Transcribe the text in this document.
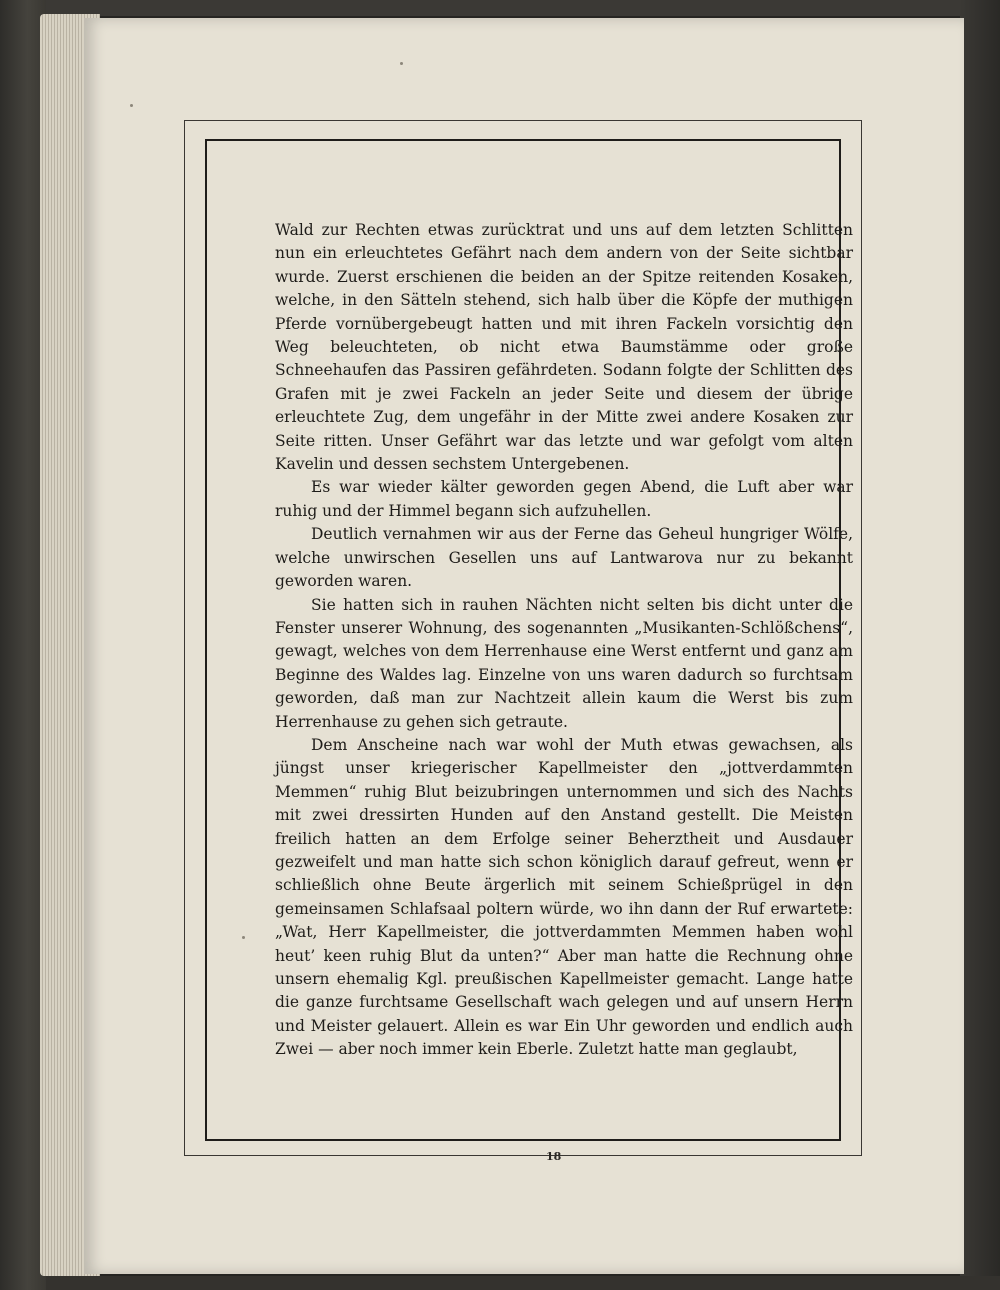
Wald zur Rechten etwas zurücktrat und uns auf dem letzten Schlitten nun ein erleuchtetes Gefährt nach dem andern von der Seite sichtbar wurde. Zuerst erschienen die beiden an der Spitze reitenden Kosaken, welche, in den Sätteln stehend, sich halb über die Köpfe der muthigen Pferde vornübergebeugt hatten und mit ihren Fackeln vorsichtig den Weg beleuchteten, ob nicht etwa Baumstämme oder große Schneehaufen das Passiren gefährdeten. Sodann folgte der Schlitten des Grafen mit je zwei Fackeln an jeder Seite und diesem der übrige erleuchtete Zug, dem ungefähr in der Mitte zwei andere Kosaken zur Seite ritten. Unser Gefährt war das letzte und war gefolgt vom alten Kavelin und dessen sechstem Untergebenen.

Es war wieder kälter geworden gegen Abend, die Luft aber war ruhig und der Himmel begann sich aufzuhellen.

Deutlich vernahmen wir aus der Ferne das Geheul hungriger Wölfe, welche unwirschen Gesellen uns auf Lantwarova nur zu bekannt geworden waren.

Sie hatten sich in rauhen Nächten nicht selten bis dicht unter die Fenster unserer Wohnung, des sogenannten „Musikanten-Schlößchens“, gewagt, welches von dem Herrenhause eine Werst entfernt und ganz am Beginne des Waldes lag. Einzelne von uns waren dadurch so furchtsam geworden, daß man zur Nachtzeit allein kaum die Werst bis zum Herrenhause zu gehen sich getraute.

Dem Anscheine nach war wohl der Muth etwas gewachsen, als jüngst unser kriegerischer Kapellmeister den „jottverdammten Memmen“ ruhig Blut beizubringen unternommen und sich des Nachts mit zwei dressirten Hunden auf den Anstand gestellt. Die Meisten freilich hatten an dem Erfolge seiner Beherztheit und Ausdauer gezweifelt und man hatte sich schon königlich darauf gefreut, wenn er schließlich ohne Beute ärgerlich mit seinem Schießprügel in den gemeinsamen Schlafsaal poltern würde, wo ihn dann der Ruf erwartete: „Wat, Herr Kapellmeister, die jottverdammten Memmen haben wohl heut’ keen ruhig Blut da unten?“ Aber man hatte die Rechnung ohne unsern ehemalig Kgl. preußischen Kapellmeister gemacht. Lange hatte die ganze furchtsame Gesellschaft wach gelegen und auf unsern Herrn und Meister gelauert. Allein es war Ein Uhr geworden und endlich auch Zwei — aber noch immer kein Eberle. Zuletzt hatte man geglaubt,

18
